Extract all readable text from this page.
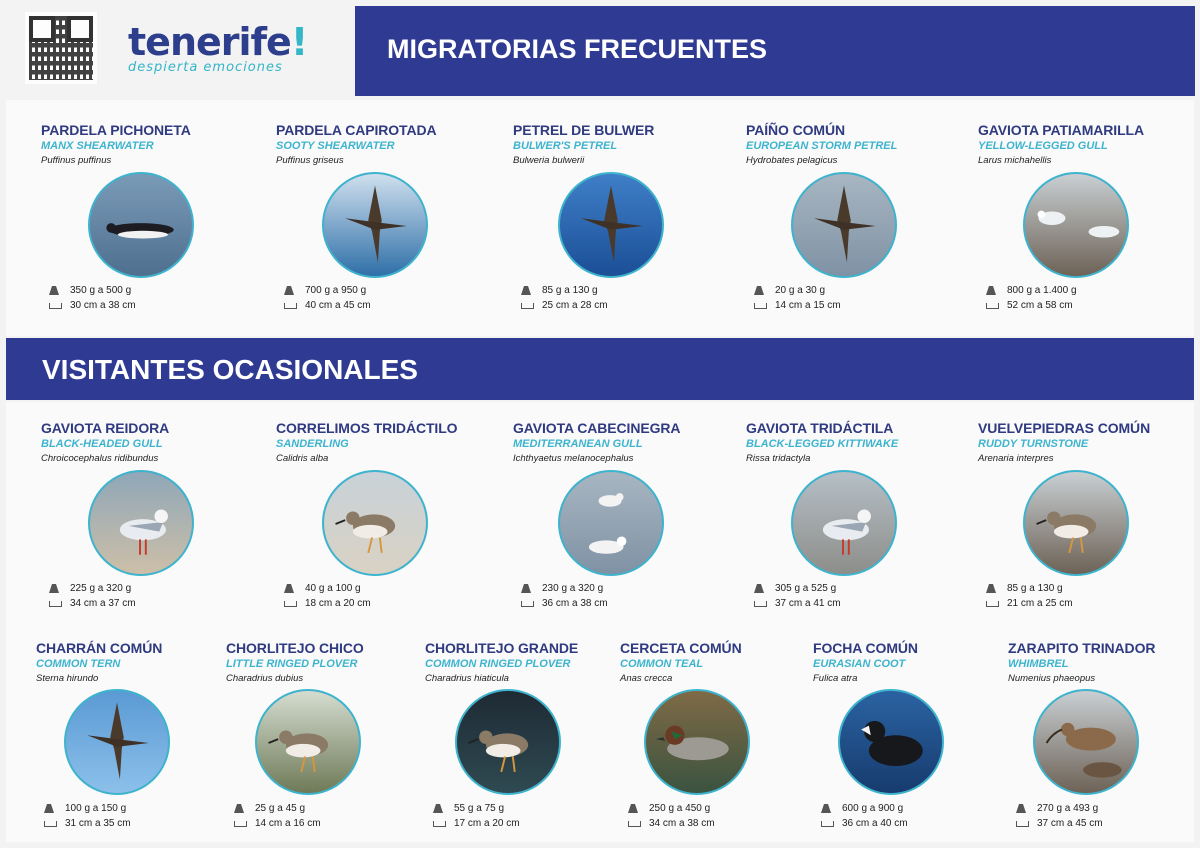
tenerife!
despierta emociones
MIGRATORIAS FRECUENTES
VISITANTES OCASIONALES
PARDELA PICHONETA
MANX SHEARWATER
Puffinus puffinus
350 g a 500 g
30 cm a 38 cm
PARDELA CAPIROTADA
SOOTY SHEARWATER
Puffinus griseus
700 g a 950 g
40 cm a 45 cm
PETREL DE BULWER
BULWER'S PETREL
Bulweria bulwerii
85 g a 130 g
25 cm a 28 cm
PAÍÑO COMÚN
EUROPEAN STORM PETREL
Hydrobates pelagicus
20 g a 30 g
14 cm a 15 cm
GAVIOTA PATIAMARILLA
YELLOW-LEGGED GULL
Larus michahellis
800 g a 1.400 g
52 cm a 58 cm
GAVIOTA REIDORA
BLACK-HEADED GULL
Chroicocephalus ridibundus
225 g a 320 g
34 cm a 37 cm
CORRELIMOS TRIDÁCTILO
SANDERLING
Calidris alba
40 g a 100 g
18 cm a 20 cm
GAVIOTA CABECINEGRA
MEDITERRANEAN GULL
Ichthyaetus melanocephalus
230 g a 320 g
36 cm a 38 cm
GAVIOTA TRIDÁCTILA
BLACK-LEGGED KITTIWAKE
Rissa tridactyla
305 g a 525 g
37 cm a 41 cm
VUELVEPIEDRAS COMÚN
RUDDY TURNSTONE
Arenaria interpres
85 g a 130 g
21 cm a 25 cm
CHARRÁN COMÚN
COMMON TERN
Sterna hirundo
100 g a 150 g
31 cm a 35 cm
CHORLITEJO CHICO
LITTLE RINGED PLOVER
Charadrius dubius
25 g a 45 g
14 cm a 16 cm
CHORLITEJO GRANDE
COMMON RINGED PLOVER
Charadrius hiaticula
55 g a 75 g
17 cm a 20 cm
CERCETA COMÚN
COMMON TEAL
Anas crecca
250 g a 450 g
34 cm a 38 cm
FOCHA COMÚN
EURASIAN COOT
Fulica atra
600 g a 900 g
36 cm a 40 cm
ZARAPITO TRINADOR
WHIMBREL
Numenius phaeopus
270 g a 493 g
37 cm a 45 cm
